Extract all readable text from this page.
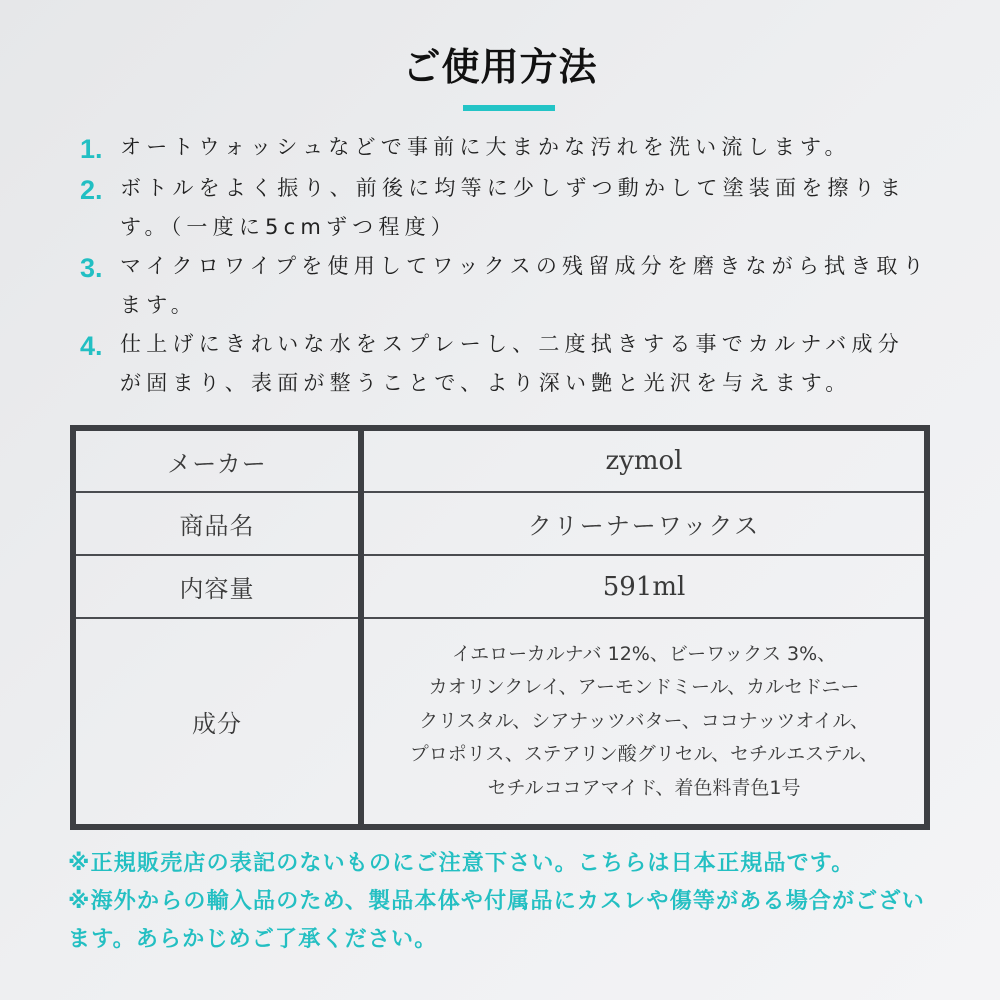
ご使用方法
1. オートウォッシュなどで事前に大まかな汚れを洗い流します。
2. ボトルをよく振り、前後に均等に少しずつ動かして塗装面を擦ります。（一度に5cmずつ程度）
3. マイクロワイプを使用してワックスの残留成分を磨きながら拭き取ります。
4. 仕上げにきれいな水をスプレーし、二度拭きする事でカルナバ成分が固まり、表面が整うことで、より深い艶と光沢を与えます。
メーカー	zymol
商品名	クリーナーワックス
内容量	591ml
成分	イエローカルナバ 12%、ビーワックス 3%、
カオリンクレイ、アーモンドミール、カルセドニー
クリスタル、シアナッツバター、ココナッツオイル、
プロポリス、ステアリン酸グリセル、セチルエステル、
セチルココアマイド、着色料青色1号
※正規販売店の表記のないものにご注意下さい。こちらは日本正規品です。
※海外からの輸入品のため、製品本体や付属品にカスレや傷等がある場合がございます。あらかじめご了承ください。
